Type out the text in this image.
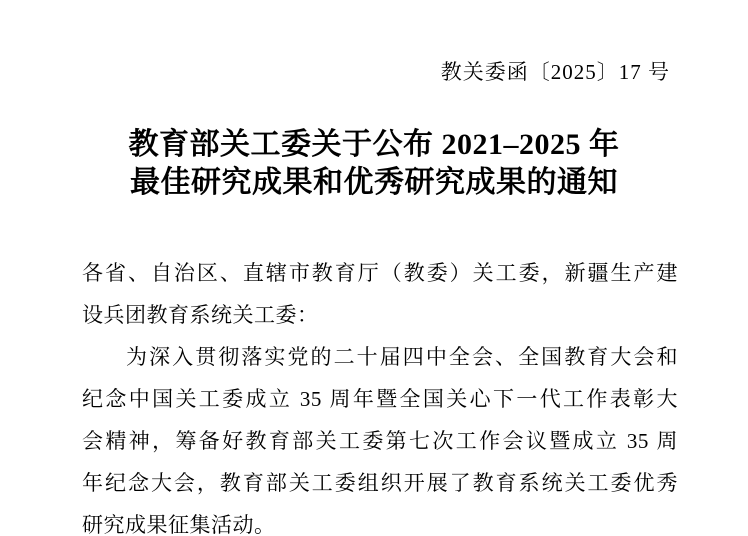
教关委函〔2025〕17 号
教育部关工委关于公布 2021–2025 年
最佳研究成果和优秀研究成果的通知
各省、自治区、直辖市教育厅（教委）关工委，新疆生产建
设兵团教育系统关工委：
为深入贯彻落实党的二十届四中全会、全国教育大会和
纪念中国关工委成立 35 周年暨全国关心下一代工作表彰大
会精神，筹备好教育部关工委第七次工作会议暨成立 35 周
年纪念大会，教育部关工委组织开展了教育系统关工委优秀
研究成果征集活动。
